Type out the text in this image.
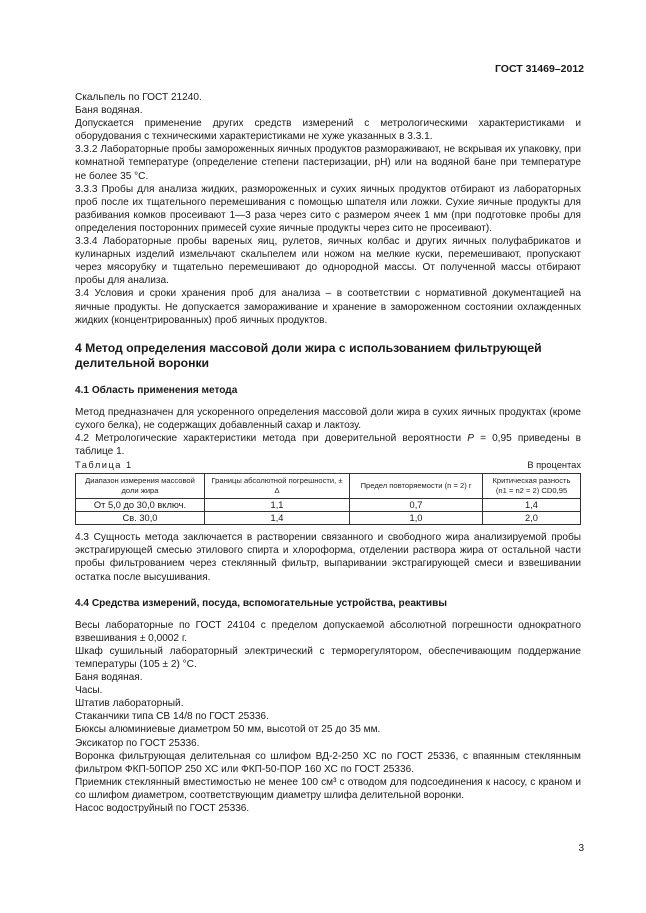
ГОСТ 31469–2012

Скальпель по ГОСТ 21240.

Баня водяная.

Допускается применение других средств измерений с метрологическими характеристиками и оборудования с техническими характеристиками не хуже указанных в 3.3.1.

3.3.2 Лабораторные пробы замороженных яичных продуктов размораживают, не вскрывая их упаковку, при комнатной температуре (определение степени пастеризации, pH) или на водяной бане при температуре не более 35 °С.

3.3.3 Пробы для анализа жидких, размороженных и сухих яичных продуктов отбирают из лабораторных проб после их тщательного перемешивания с помощью шпателя или ложки. Сухие яичные продукты для разбивания комков просеивают 1—3 раза через сито с размером ячеек 1 мм (при подготовке пробы для определения посторонних примесей сухие яичные продукты через сито не просеивают).

3.3.4 Лабораторные пробы вареных яиц, рулетов, яичных колбас и других яичных полуфабрикатов и кулинарных изделий измельчают скальпелем или ножом на мелкие куски, перемешивают, пропускают через мясорубку и тщательно перемешивают до однородной массы. От полученной массы отбирают пробы для анализа.

3.4 Условия и сроки хранения проб для анализа – в соответствии с нормативной документацией на яичные продукты. Не допускается замораживание и хранение в замороженном состоянии охлажденных жидких (концентрированных) проб яичных продуктов.

4 Метод определения массовой доли жира с использованием фильтрующей делительной воронки
4.1 Область применения метода

Метод предназначен для ускоренного определения массовой доли жира в сухих яичных продуктах (кроме сухого белка), не содержащих добавленный сахар и лактозу.

4.2 Метрологические характеристики метода при доверительной вероятности P = 0,95 приведены в таблице 1.

Таблица 1	В процентах
Диапазон измерения массовой доли жира	Границы абсолютной погрешности, ± Δ	Предел повторяемости (n = 2) r	Критическая разность (n1 = n2 = 2) CD0,95
От 5,0 до 30,0 включ.	1,1	0,7	1,4
Св. 30,0	1,4	1,0	2,0

4.3 Сущность метода заключается в растворении связанного и свободного жира анализируемой пробы экстрагирующей смесью этилового спирта и хлороформа, отделении раствора жира от остальной части пробы фильтрованием через стеклянный фильтр, выпаривании экстрагирующей смеси и взвешивании остатка после высушивания.

4.4 Средства измерений, посуда, вспомогательные устройства, реактивы

Весы лабораторные по ГОСТ 24104 с пределом допускаемой абсолютной погрешности однократного взвешивания ± 0,0002 г.

Шкаф сушильный лабораторный электрический с терморегулятором, обеспечивающим поддержание температуры (105 ± 2) °С.

Баня водяная.

Часы.

Штатив лабораторный.

Стаканчики типа СВ 14/8 по ГОСТ 25336.

Бюксы алюминиевые диаметром 50 мм, высотой от 25 до 35 мм.

Эксикатор по ГОСТ 25336.

Воронка фильтрующая делительная со шлифом ВД-2-250 ХС по ГОСТ 25336, с впаянным стеклянным фильтром ФКП-50ПОР 250 ХС или ФКП-50-ПОР 160 ХС по ГОСТ 25336.

Приемник стеклянный вместимостью не менее 100 см³ с отводом для подсоединения к насосу, с краном и со шлифом диаметром, соответствующим диаметру шлифа делительной воронки.

Насос водоструйный по ГОСТ 25336.

3
